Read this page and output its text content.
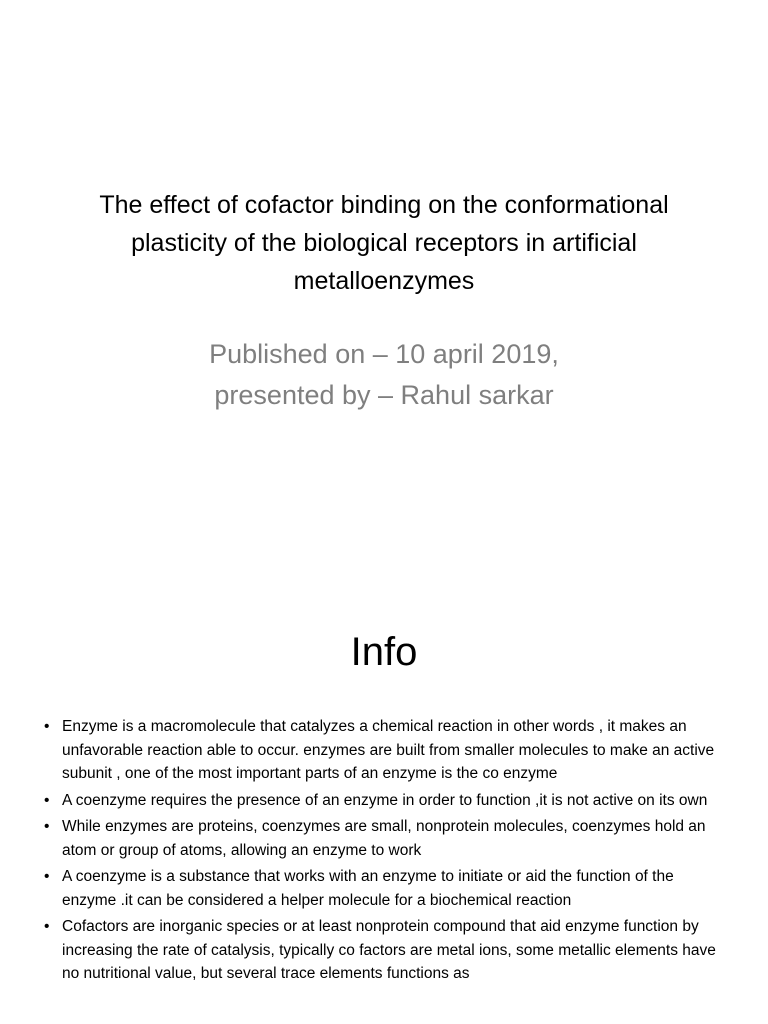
The effect of cofactor binding on the conformational plasticity of the biological receptors in artificial metalloenzymes
Published on – 10 april 2019,
presented by – Rahul sarkar
Info
• Enzyme is a macromolecule that catalyzes a chemical reaction in other words , it makes an unfavorable reaction able to occur. enzymes are built from smaller molecules to make an active subunit , one of the most important parts of an enzyme is the co enzyme
• A coenzyme requires the presence of an enzyme in order to function ,it is not active on its own
• While enzymes are proteins, coenzymes are small, nonprotein molecules, coenzymes hold an atom or group of atoms, allowing an enzyme to work
• A coenzyme is a substance that works with an enzyme to initiate or aid the function of the enzyme .it can be considered a helper molecule for a biochemical reaction
• Cofactors are inorganic species or at least nonprotein compound that aid enzyme function by increasing the rate of catalysis, typically co factors are metal ions, some metallic elements have no nutritional value, but several trace elements functions as
